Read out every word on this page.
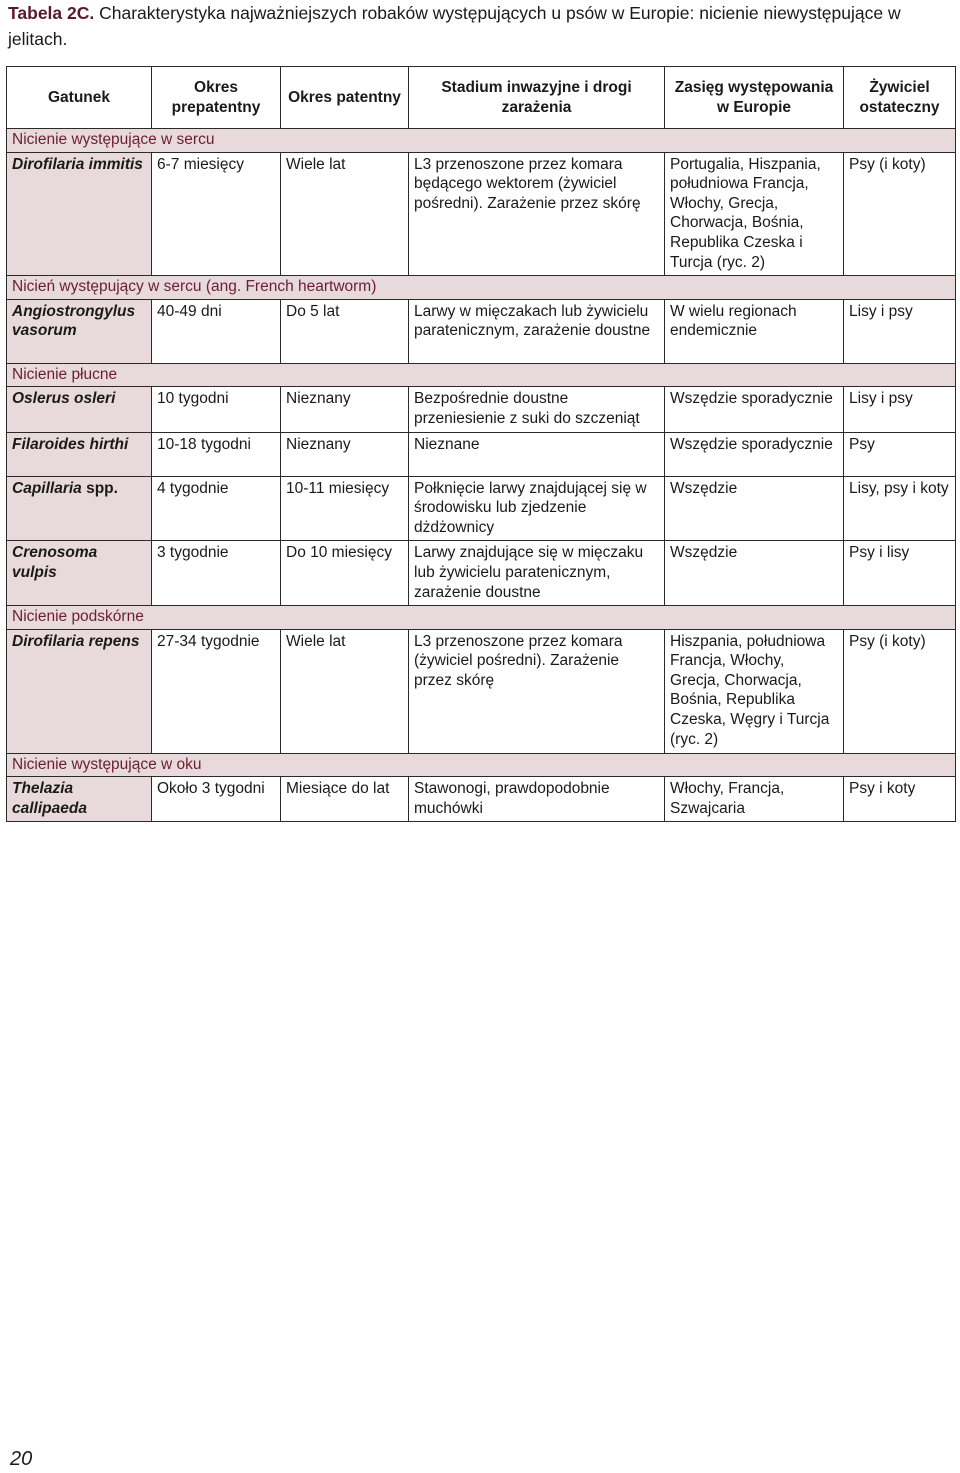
Tabela 2C. Charakterystyka najważniejszych robaków występujących u psów w Europie: nicienie niewystępujące w jelitach.
Gatunek	Okres prepatentny	Okres patentny	Stadium inwazyjne i drogi zarażenia	Zasięg występowania w Europie	Żywiciel ostateczny
Nicienie występujące w sercu					
Dirofilaria immitis	6-7 miesięcy	Wiele lat	L3 przenoszone przez komara będącego wektorem (żywiciel pośredni). Zarażenie przez skórę	Portugalia, Hiszpania, południowa Francja, Włochy, Grecja, Chorwacja, Bośnia, Republika Czeska i Turcja (ryc. 2)	Psy (i koty)
Nicień występujący w sercu (ang. French heartworm)					
Angiostrongylus vasorum	40-49 dni	Do 5 lat	Larwy w mięczakach lub żywicielu paratenicznym, zarażenie doustne	W wielu regionach endemicznie	Lisy i psy
Nicienie płucne					
Oslerus osleri	10 tygodni	Nieznany	Bezpośrednie doustne przeniesienie z suki do szczeniąt	Wszędzie sporadycznie	Lisy i psy
Filaroides hirthi	10-18 tygodni	Nieznany	Nieznane	Wszędzie sporadycznie	Psy
Capillaria spp.	4 tygodnie	10-11 miesięcy	Połknięcie larwy znajdującej się w środowisku lub zjedzenie dżdżownicy	Wszędzie	Lisy, psy i koty
Crenosoma vulpis	3 tygodnie	Do 10 miesięcy	Larwy znajdujące się w mięczaku lub żywicielu paratenicznym, zarażenie doustne	Wszędzie	Psy i lisy
Nicienie podskórne					
Dirofilaria repens	27-34 tygodnie	Wiele lat	L3 przenoszone przez komara (żywiciel pośredni). Zarażenie przez skórę	Hiszpania, południowa Francja, Włochy, Grecja, Chorwacja, Bośnia, Republika Czeska, Węgry i Turcja (ryc. 2)	Psy (i koty)
Nicienie występujące w oku					
Thelazia callipaeda	Około 3 tygodni	Miesiące do lat	Stawonogi, prawdopodobnie muchówki	Włochy, Francja, Szwajcaria	Psy i koty
20
